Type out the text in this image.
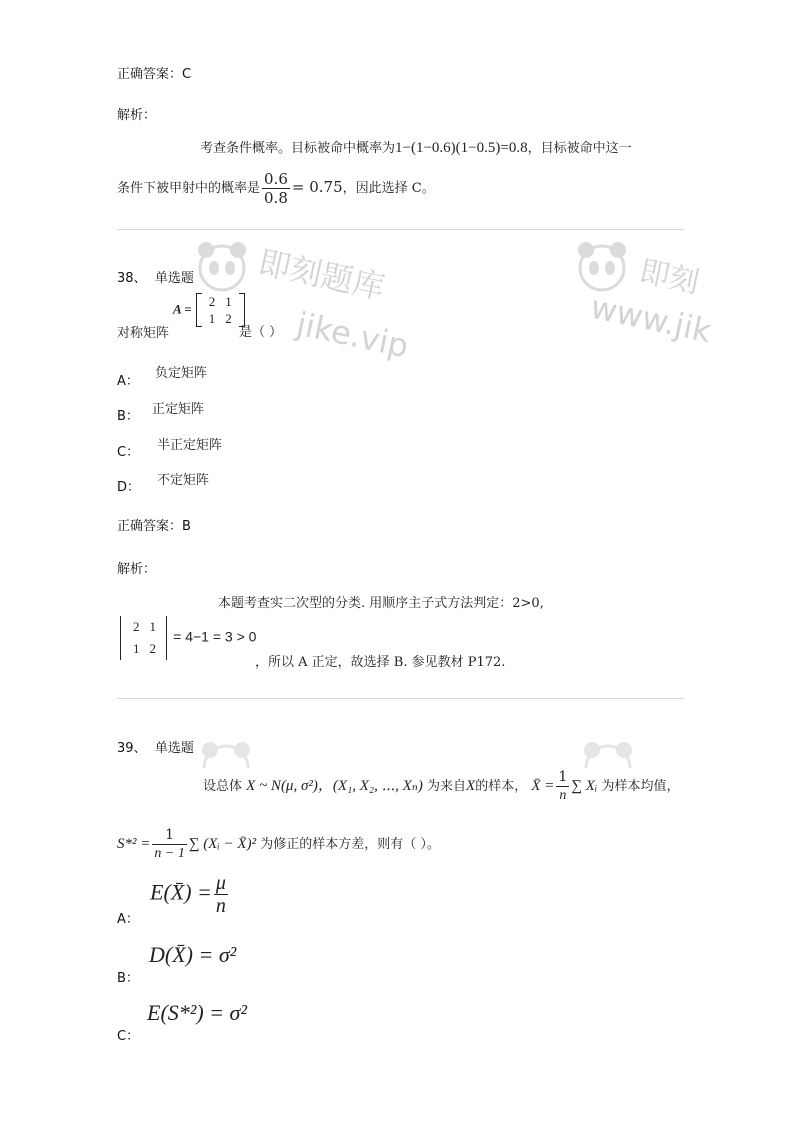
正确答案：C
解析：
考查条件概率。目标被命中概率为1−(1−0.6)(1−0.5)=0.8，目标被命中这一
条件下被甲射中的概率是 $\frac{0.6}{0.8} = 0.75$，因此选择 C。
即刻题库
jike.vip
即刻
www.jik
38、 单选题
A = 2	1
1	2
对称矩阵	是（ ）
A：
负定矩阵
B： 正定矩阵
C： 半正定矩阵
D： 不定矩阵
正确答案：B
解析：
本题考查实二次型的分类. 用顺序主子式方法判定：2>0,
2	1
1	2
= 4−1 = 3 > 0
，所以 A 正定，故选择 B. 参见教材 P172.
39、 单选题
设总体 X ~ N(μ, σ²)，(X₁, X₂, ⋯, Xₙ) 为来自X的样本， X̄ = $\frac{1}{n}$ ∑ Xᵢ 为样本均值，
$S*^2 = \frac{1}{n - 1}$ ∑ (Xᵢ − X̄)² 为修正的样本方差，则有（ ）。
A：
E(X̄) = $\frac{\mu}{n}$
B：
D(X̄) = σ²
C：
E(S*²) = σ²
